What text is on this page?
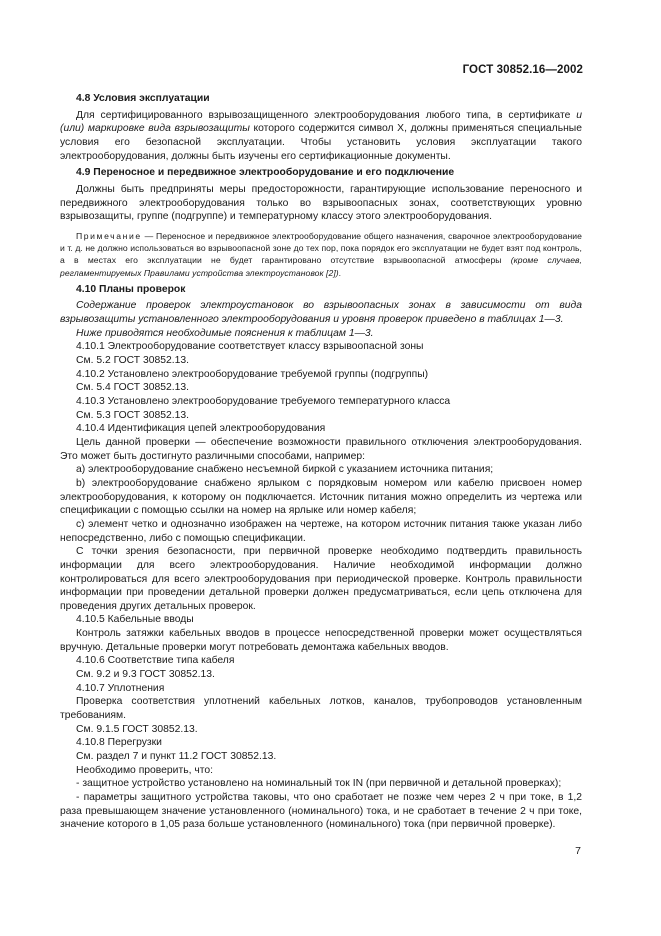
ГОСТ 30852.16—2002
4.8 Условия эксплуатации

Для сертифицированного взрывозащищенного электрооборудования любого типа, в сертификате и (или) маркировке вида взрывозащиты которого содержится символ X, должны применяться специальные условия его безопасной эксплуатации. Чтобы установить условия эксплуатации такого электрооборудования, должны быть изучены его сертификационные документы.

4.9 Переносное и передвижное электрооборудование и его подключение

Должны быть предприняты меры предосторожности, гарантирующие использование переносного и передвижного электрооборудования только во взрывоопасных зонах, соответствующих уровню взрывозащиты, группе (подгруппе) и температурному классу этого электрооборудования.

Примечание — Переносное и передвижное электрооборудование общего назначения, сварочное электрооборудование и т. д. не должно использоваться во взрывоопасной зоне до тех пор, пока порядок его эксплуатации не будет взят под контроль, а в местах его эксплуатации не будет гарантировано отсутствие взрывоопасной атмосферы (кроме случаев, регламентируемых Правилами устройства электроустановок [2]).

4.10 Планы проверок

Содержание проверок электроустановок во взрывоопасных зонах в зависимости от вида взрывозащиты установленного электрооборудования и уровня проверок приведено в таблицах 1—3.

Ниже приводятся необходимые пояснения к таблицам 1—3.

4.10.1 Электрооборудование соответствует классу взрывоопасной зоны

См. 5.2 ГОСТ 30852.13.

4.10.2 Установлено электрооборудование требуемой группы (подгруппы)

См. 5.4 ГОСТ 30852.13.

4.10.3 Установлено электрооборудование требуемого температурного класса

См. 5.3 ГОСТ 30852.13.

4.10.4 Идентификация цепей электрооборудования

Цель данной проверки — обеспечение возможности правильного отключения электрооборудования. Это может быть достигнуто различными способами, например:

а) электрооборудование снабжено несъемной биркой с указанием источника питания;

b) электрооборудование снабжено ярлыком с порядковым номером или кабелю присвоен номер электрооборудования, к которому он подключается. Источник питания можно определить из чертежа или спецификации с помощью ссылки на номер на ярлыке или номер кабеля;

c) элемент четко и однозначно изображен на чертеже, на котором источник питания также указан либо непосредственно, либо с помощью спецификации.

С точки зрения безопасности, при первичной проверке необходимо подтвердить правильность информации для всего электрооборудования. Наличие необходимой информации должно контролироваться для всего электрооборудования при периодической проверке. Контроль правильности информации при проведении детальной проверки должен предусматриваться, если цепь отключена для проведения других детальных проверок.

4.10.5 Кабельные вводы

Контроль затяжки кабельных вводов в процессе непосредственной проверки может осуществляться вручную. Детальные проверки могут потребовать демонтажа кабельных вводов.

4.10.6 Соответствие типа кабеля

См. 9.2 и 9.3 ГОСТ 30852.13.

4.10.7 Уплотнения

Проверка соответствия уплотнений кабельных лотков, каналов, трубопроводов установленным требованиям.

См. 9.1.5 ГОСТ 30852.13.

4.10.8 Перегрузки

См. раздел 7 и пункт 11.2 ГОСТ 30852.13.

Необходимо проверить, что:

- защитное устройство установлено на номинальный ток IN (при первичной и детальной проверках);

- параметры защитного устройства таковы, что оно сработает не позже чем через 2 ч при токе, в 1,2 раза превышающем значение установленного (номинального) тока, и не сработает в течение 2 ч при токе, значение которого в 1,05 раза больше установленного (номинального) тока (при первичной проверке).

7
